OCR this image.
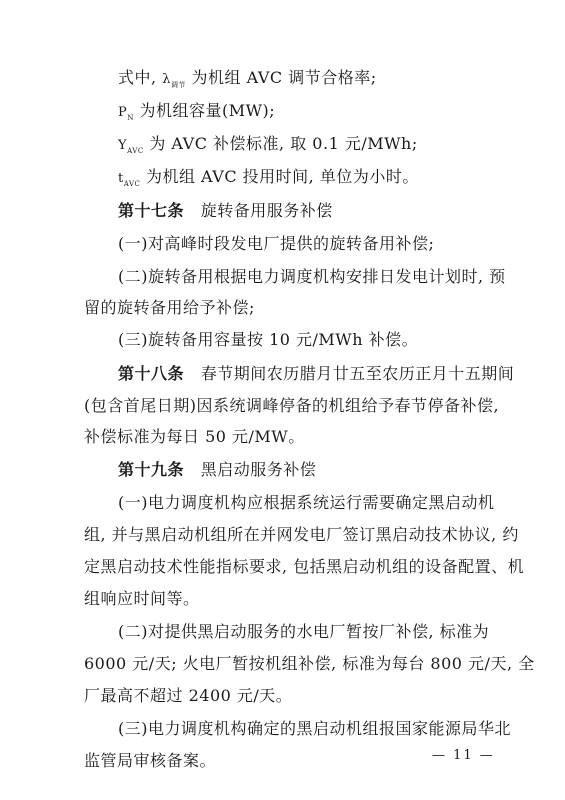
式中, $\lambda_{调节}$ 为机组 AVC 调节合格率;
$P_N$ 为机组容量(MW);
$Y_{AVC}$ 为 AVC 补偿标准, 取 0.1 元/MWh;
$t_{AVC}$ 为机组 AVC 投用时间, 单位为小时。
第十七条 旋转备用服务补偿
(一)对高峰时段发电厂提供的旋转备用补偿;
(二)旋转备用根据电力调度机构安排日发电计划时, 预
留的旋转备用给予补偿;
(三)旋转备用容量按 10 元/MWh 补偿。
第十八条 春节期间农历腊月廿五至农历正月十五期间
(包含首尾日期)因系统调峰停备的机组给予春节停备补偿,
补偿标准为每日 50 元/MW。
第十九条 黑启动服务补偿
(一)电力调度机构应根据系统运行需要确定黑启动机
组, 并与黑启动机组所在并网发电厂签订黑启动技术协议, 约
定黑启动技术性能指标要求, 包括黑启动机组的设备配置、机
组响应时间等。
(二)对提供黑启动服务的水电厂暂按厂补偿, 标准为
6000 元/天; 火电厂暂按机组补偿, 标准为每台 800 元/天, 全
厂最高不超过 2400 元/天。
(三)电力调度机构确定的黑启动机组报国家能源局华北
监管局审核备案。	— 11 —
